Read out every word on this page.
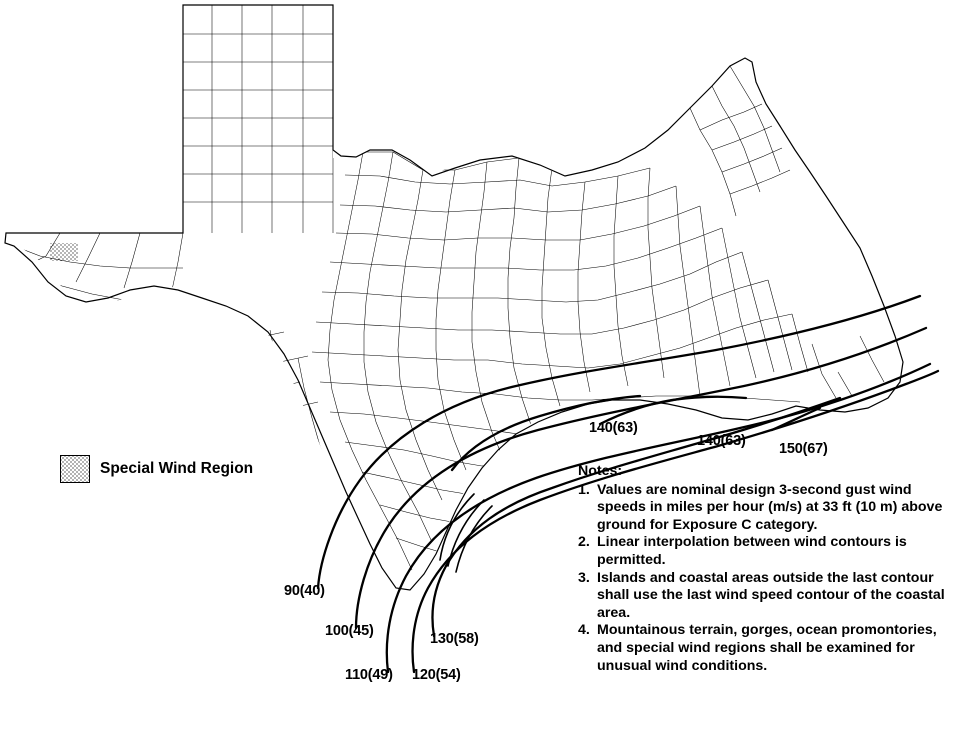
90(40)
100(45)
110(49) 120(54)
130(58)
140(63)
140(63) 150(67)
Special Wind Region	Notes:
1. Values are nominal design 3-second gust wind speeds in miles per hour (m/s) at 33 ft (10 m) above ground for Exposure C category.
2. Linear interpolation between wind contours is permitted.
3. Islands and coastal areas outside the last contour shall use the last wind speed contour of the coastal area.
4. Mountainous terrain, gorges, ocean promontories, and special wind regions shall be examined for unusual wind conditions.
